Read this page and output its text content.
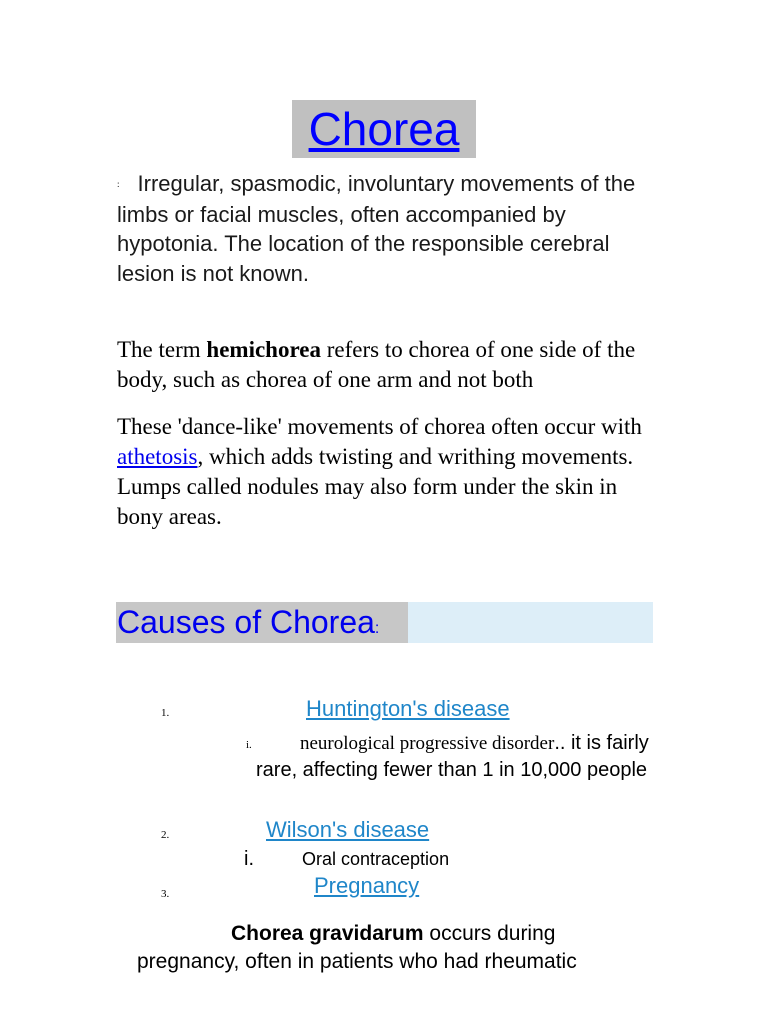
Chorea
: Irregular, spasmodic, involuntary movements of the limbs or facial muscles, often accompanied by hypotonia. The location of the responsible cerebral lesion is not known.
The term hemichorea refers to chorea of one side of the body, such as chorea of one arm and not both
These 'dance-like' movements of chorea often occur with athetosis, which adds twisting and writhing movements. Lumps called nodules may also form under the skin in bony areas.
Causes of Chorea:
1.	Huntington's disease
i.	neurological progressive disorder.. it is fairly rare, affecting fewer than 1 in 10,000 people
2.	Wilson's disease
i.	Oral contraception
3.	Pregnancy
Chorea gravidarum occurs during pregnancy, often in patients who had rheumatic
